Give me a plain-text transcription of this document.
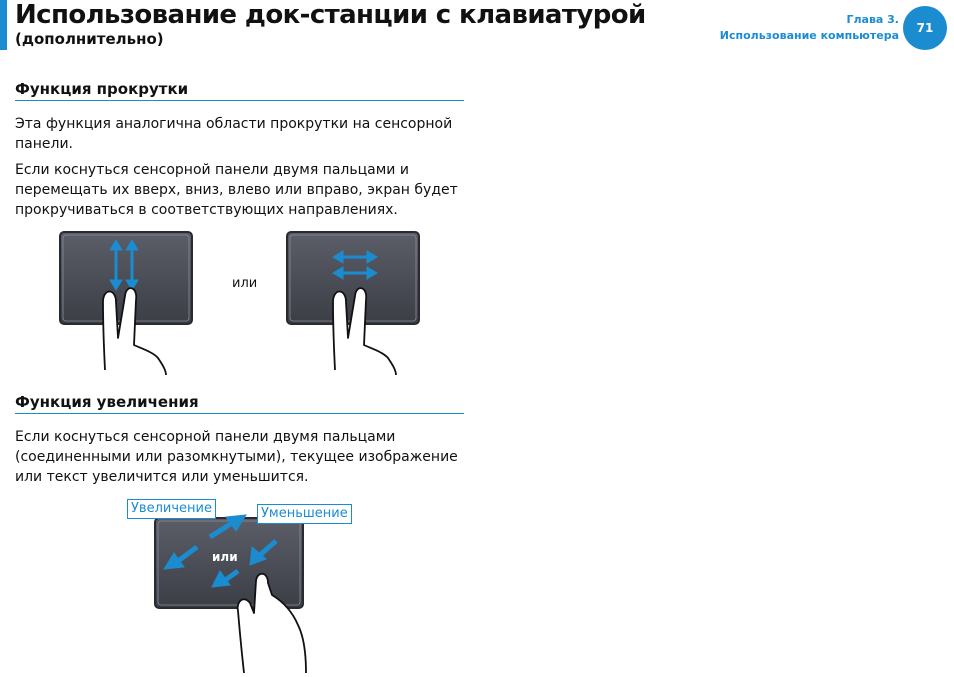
Использование док-станции с клавиатурой
(дополнительно)
Глава 3.
Использование компьютера
71
Функция прокрутки
Эта функция аналогична области прокрутки на сенсорной панели.
Если коснуться сенсорной панели двумя пальцами и перемещать их вверх, вниз, влево или вправо, экран будет прокручиваться в соответствующих направлениях.
или
Функция увеличения
Если коснуться сенсорной панели двумя пальцами (соединенными или разомкнутыми), текущее изображение или текст увеличится или уменьшится.
или
Увеличение	Уменьшение
